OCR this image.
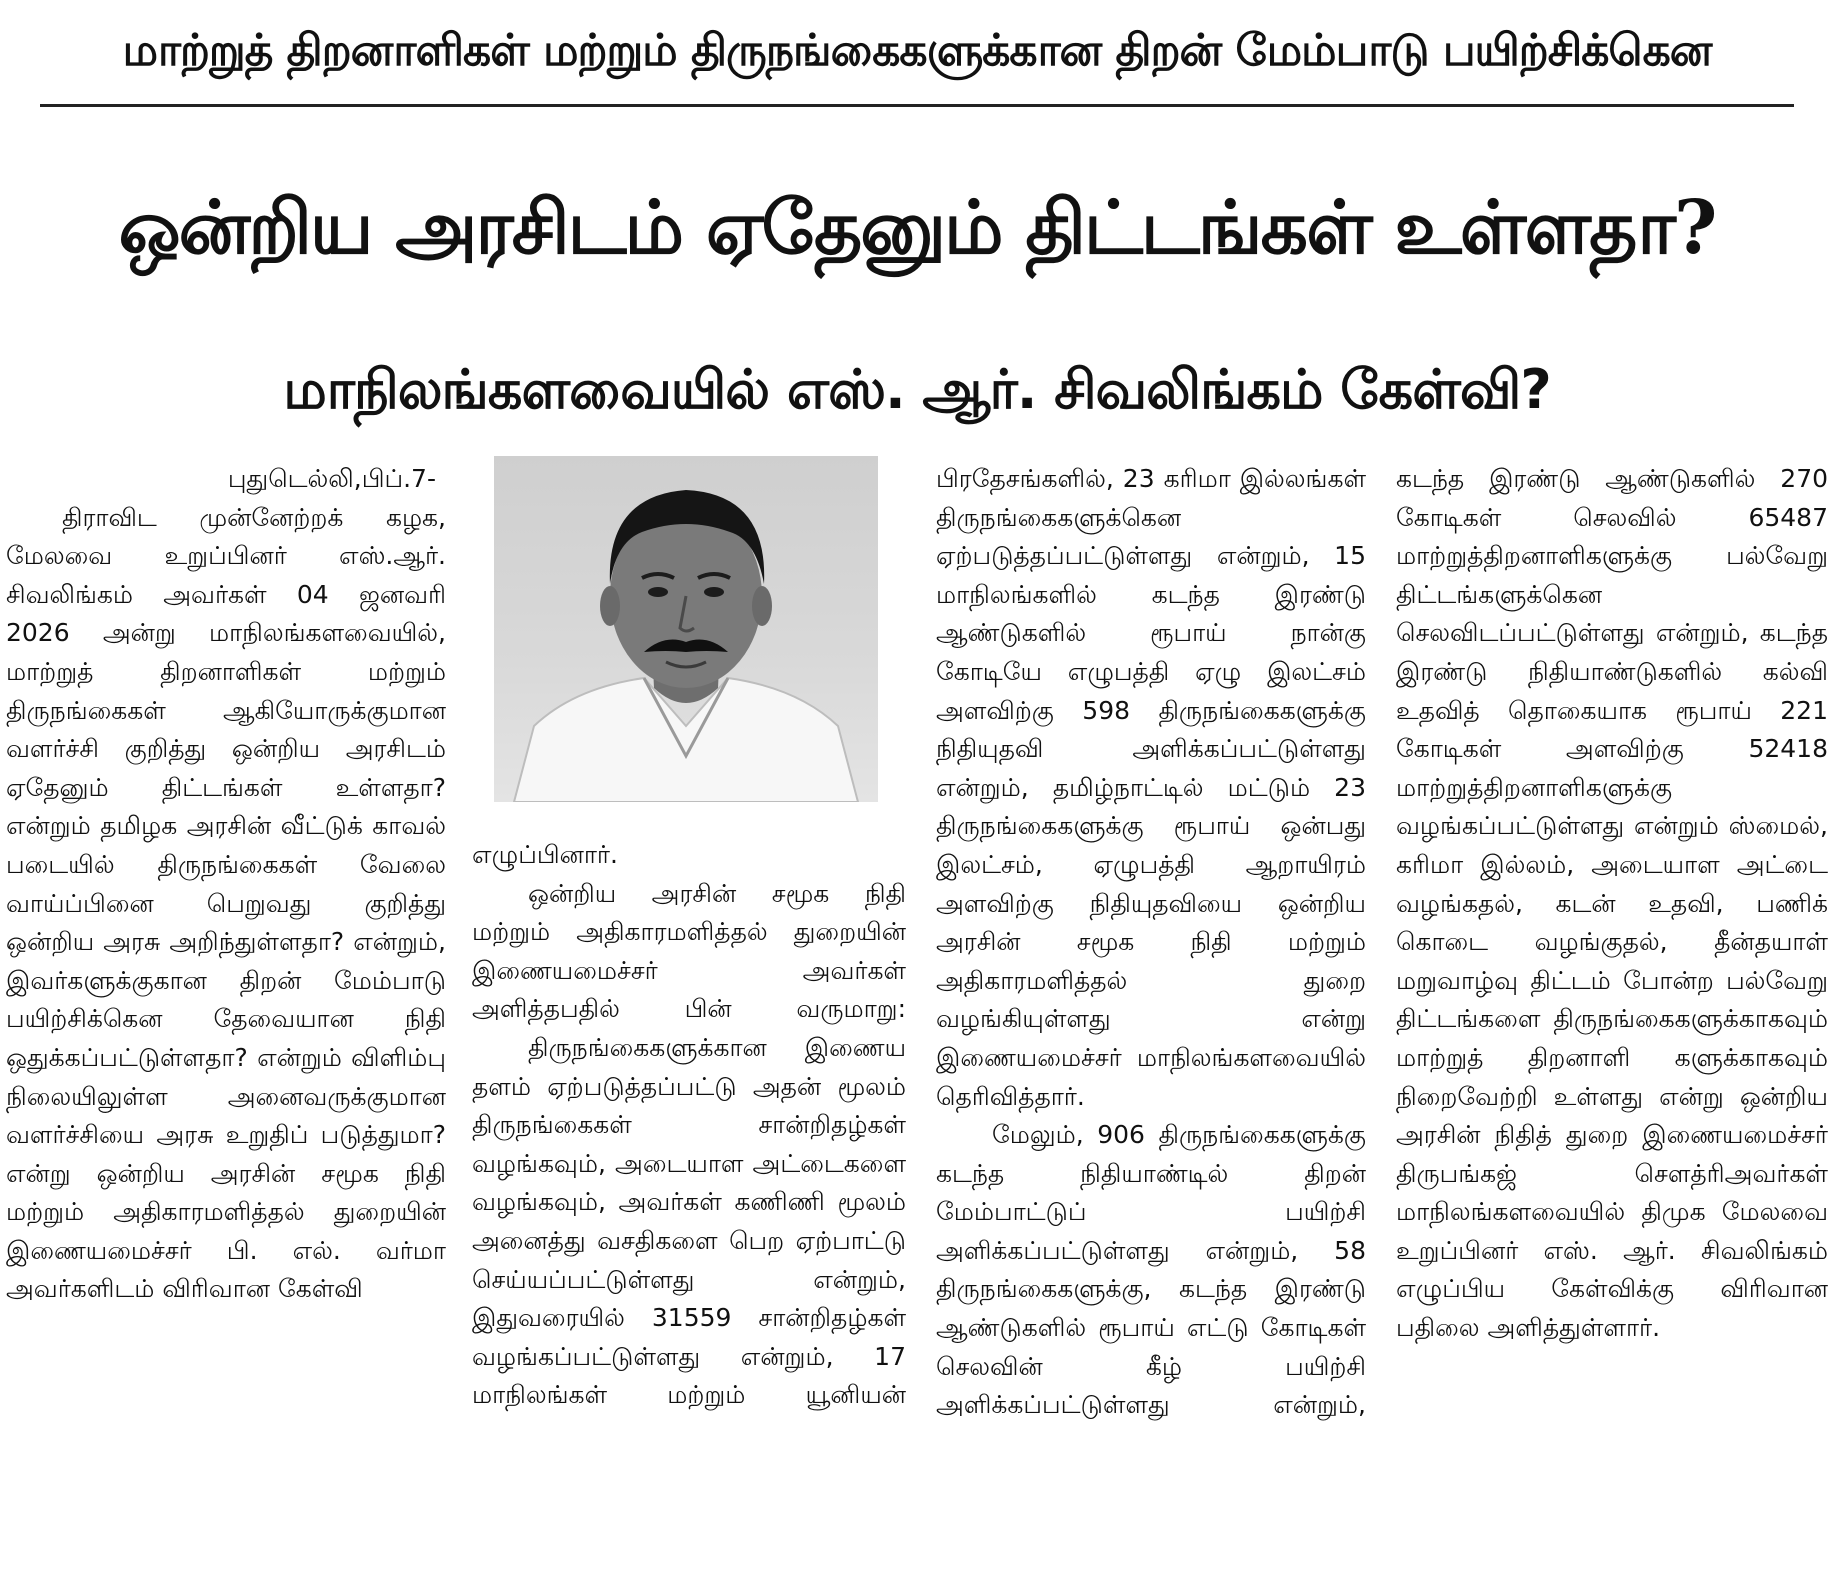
மாற்றுத் திறனாளிகள் மற்றும் திருநங்கைகளுக்கான திறன் மேம்பாடு பயிற்சிக்கென
ஒன்றிய அரசிடம் ஏதேனும் திட்டங்கள் உள்ளதா?
மாநிலங்களவையில் எஸ். ஆர். சிவலிங்கம் கேள்வி?

புதுடெல்லி,பிப்.7-

திராவிட முன்னேற்றக் கழக, மேலவை உறுப்பினர் எஸ்.ஆர். சிவலிங்கம் அவர்கள் 04 ஜனவரி 2026 அன்று மாநிலங்களவையில், மாற்றுத் திறனாளிகள் மற்றும் திருநங்கைகள் ஆகியோருக்குமான வளர்ச்சி குறித்து ஒன்றிய அரசிடம் ஏதேனும் திட்டங்கள் உள்ளதா? என்றும் தமிழக அரசின் வீட்டுக் காவல் படையில் திருநங்கைகள் வேலை வாய்ப்பினை பெறுவது குறித்து ஒன்றிய அரசு அறிந்துள்ளதா? என்றும், இவர்களுக்குகான திறன் மேம்பாடு பயிற்சிக்கென தேவையான நிதி ஒதுக்கப்பட்டுள்ளதா? என்றும் விளிம்பு நிலையிலுள்ள அனைவருக்குமான வளர்ச்சியை அரசு உறுதிப் படுத்துமா? என்று ஒன்றிய அரசின் சமூக நிதி மற்றும் அதிகாரமளித்தல் துறையின் இணையமைச்சர் பி. எல். வர்மா அவர்களிடம் விரிவான கேள்வி

எழுப்பினார்.

ஒன்றிய அரசின் சமூக நிதி மற்றும் அதிகாரமளித்தல் துறையின் இணையமைச்சர் அவர்கள் அளித்தபதில் பின் வருமாறு:

திருநங்கைகளுக்கான இணைய தளம் ஏற்படுத்தப்பட்டு அதன் மூலம் திருநங்கைகள் சான்றிதழ்கள் வழங்கவும், அடையாள அட்டைகளை வழங்கவும், அவர்கள் கணிணி மூலம் அனைத்து வசதிகளை பெற ஏற்பாட்டு செய்யப்பட்டுள்ளது என்றும், இதுவரையில் 31559 சான்றிதழ்கள் வழங்கப்பட்டுள்ளது என்றும், 17 மாநிலங்கள் மற்றும் யூனியன்

பிரதேசங்களில், 23 கரிமா இல்லங்கள் திருநங்கைகளுக்கென ஏற்படுத்தப்பட்டுள்ளது என்றும், 15 மாநிலங்களில் கடந்த இரண்டு ஆண்டுகளில் ரூபாய் நான்கு கோடியே எழுபத்தி ஏழு இலட்சம் அளவிற்கு 598 திருநங்கைகளுக்கு நிதியுதவி அளிக்கப்பட்டுள்ளது என்றும், தமிழ்நாட்டில் மட்டும் 23 திருநங்கைகளுக்கு ரூபாய் ஒன்பது இலட்சம், ஏழுபத்தி ஆறாயிரம் அளவிற்கு நிதியுதவியை ஒன்றிய அரசின் சமூக நிதி மற்றும் அதிகாரமளித்தல் துறை வழங்கியுள்ளது என்று இணையமைச்சர் மாநிலங்களவையில் தெரிவித்தார்.

மேலும், 906 திருநங்கைகளுக்கு கடந்த நிதியாண்டில் திறன் மேம்பாட்டுப் பயிற்சி அளிக்கப்பட்டுள்ளது என்றும், 58 திருநங்கைகளுக்கு, கடந்த இரண்டு ஆண்டுகளில் ரூபாய் எட்டு கோடிகள் செலவின் கீழ் பயிற்சி அளிக்கப்பட்டுள்ளது என்றும்,

கடந்த இரண்டு ஆண்டுகளில் 270 கோடிகள் செலவில் 65487 மாற்றுத்திறனாளிகளுக்கு பல்வேறு திட்டங்களுக்கென செலவிடப்பட்டுள்ளது என்றும், கடந்த இரண்டு நிதியாண்டுகளில் கல்வி உதவித் தொகையாக ரூபாய் 221 கோடிகள் அளவிற்கு 52418 மாற்றுத்திறனாளிகளுக்கு வழங்கப்பட்டுள்ளது என்றும் ஸ்மைல், கரிமா இல்லம், அடையாள அட்டை வழங்கதல், கடன் உதவி, பணிக் கொடை வழங்குதல், தீன்தயாள் மறுவாழ்வு திட்டம் போன்ற பல்வேறு திட்டங்களை திருநங்கைகளுக்காகவும் மாற்றுத் திறனாளி களுக்காகவும் நிறைவேற்றி உள்ளது என்று ஒன்றிய அரசின் நிதித் துறை இணையமைச்சர் திருபங்கஜ் சௌத்ரிஅவர்கள் மாநிலங்களவையில் திமுக மேலவை உறுப்பினர் எஸ். ஆர். சிவலிங்கம் எழுப்பிய கேள்விக்கு விரிவான பதிலை அளித்துள்ளார்.
